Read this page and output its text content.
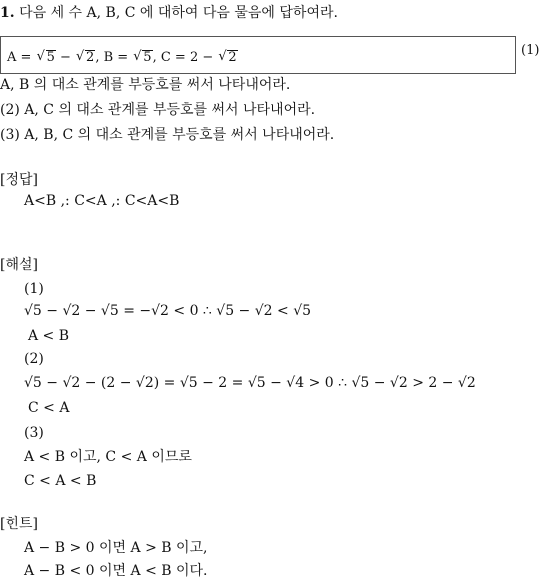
1. 다음 세 수 A, B, C 에 대하여 다음 물음에 답하여라.
A = √ 5 − √ 2, B = √ 5, C = 2 − √ 2	(1)
A, B 의 대소 관계를 부등호를 써서 나타내어라.
(2) A, C 의 대소 관계를 부등호를 써서 나타내어라.
(3) A, B, C 의 대소 관계를 부등호를 써서 나타내어라.
[정답]
A<B ,: C<A ,: C<A<B
[해설]
(1)
√5 − √2 − √5 = −√2 < 0 ∴ √5 − √2 < √5
A < B
(2)
√5 − √2 − (2 − √2) = √5 − 2 = √5 − √4 > 0 ∴ √5 − √2 > 2 − √2
C < A
(3)
A < B 이고, C < A 이므로
C < A < B
[힌트]
A − B > 0 이면 A > B 이고,
A − B < 0 이면 A < B 이다.
